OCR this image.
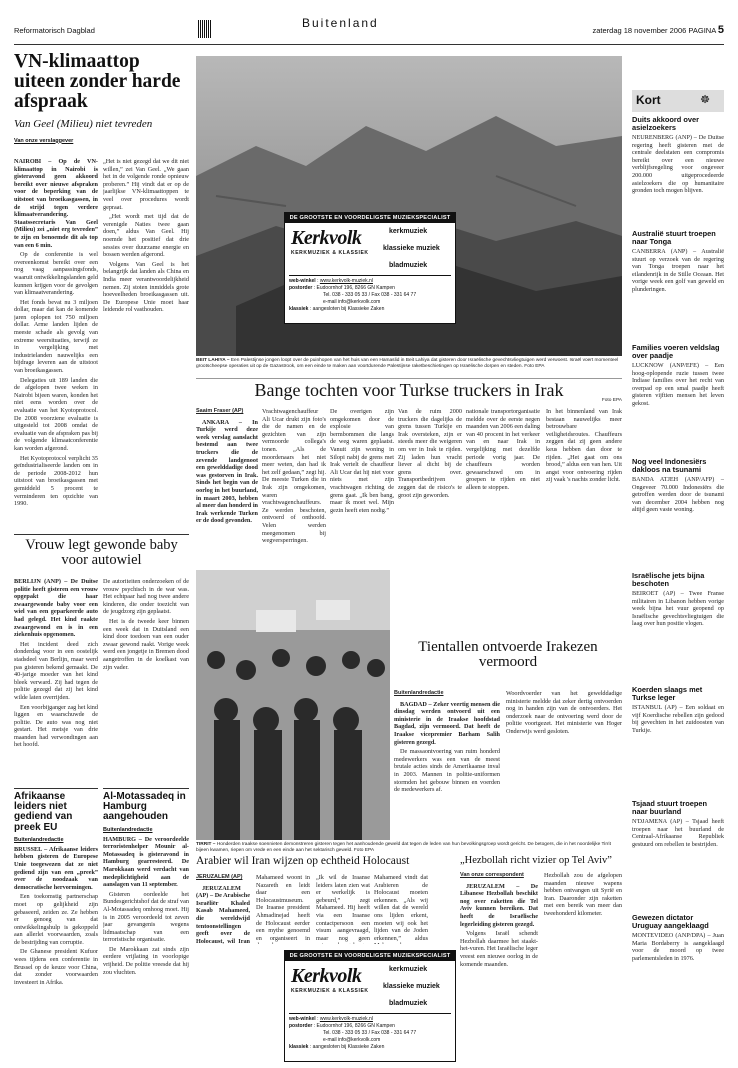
Reformatorisch Dagblad
Buitenland
zaterdag 18 november 2006 PAGINA 5
VN-klimaattop uiteen zonder harde afspraak
Van Geel (Milieu) niet tevreden
Van onze verslaggever

NAIROBI – Op de VN-klimaattop in Nairobi is gisteravond geen akkoord bereikt over nieuwe afspraken voor de beperking van de uitstoot van broeikasgassen, in de strijd tegen verdere klimaatverandering. Staatssecretaris Van Geel (Milieu) zei „niet erg tevreden” te zijn en benoemde dit als top van een 6 min.

Op de conferentie is wel overeenkomst bereikt over een nog vaag aanpassingsfonds, waaruit ontwikkelingslanden geld kunnen krijgen voor de gevolgen van klimaatverandering.

Het fonds bevat nu 3 miljoen dollar, maar dat kan de komende jaren oplopen tot 750 miljoen dollar. Arme landen lijden de meeste schade als gevolg van extreme weersituaties, terwijl ze in vergelijking met industrielanden nauwelijks een bijdrage leveren aan de uitstoot van broeikasgassen.

Delegaties uit 189 landen die de afgelopen twee weken in Nairobi bijeen waren, konden het niet eens worden over de evaluatie van het Kyotoprotocol. De 2008 voorziene evaluatie is uitgesteld tot 2008 omdat de evaluatie van de afspraken pas bij de volgende klimaatconferentie kan worden afgerond.

Het Kyotoprotocol verplicht 35 geïndustrialiseerde landen om in de periode 2008-2012 hun uitstoot van broeikasgassen met gemiddeld 5 procent te verminderen ten opzichte van 1990.

„Het is niet gezegd dat we dit niet willen,” zei Van Geel. „We gaan het in de volgende ronde opnieuw proberen.” Hij vindt dat er op de jaarlijkse VN-klimaattoppen te veel over procedures wordt gepraat.

„Het wordt met tijd dat de verenigde Naties twee gaan doen,” aldus Van Geel. Hij noemde het positief dat drie sessies over duurzame energie en bossen werden afgerond.

Volgens Van Geel is het belangrijk dat landen als China en India meer verantwoordelijkheid nemen. Zij stoten inmiddels grote hoeveelheden broeikasgassen uit. De Europese Unie moet haar leidende rol vasthouden.

DE GROOTSTE EN VOORDELIGSTE MUZIEKSPECIALIST
Kerkvolk
KERKMUZIEK & KLASSIEK
kerkmuziek
klassieke muziek
bladmuziek
web-winkel : www.kerkvolk-muziek.nl
postorder : Eudoornhof 196, 8266 GN Kampen
Tel. 038 - 333 05 33 / Fax 038 - 331 64 77
e-mail info@kerkvolk.com
klassiek : aangesloten bij Klassieke Zaken
BEIT LAHIYA – Een Palestijnse jongen loopt over de puinhopen van het huis van een Hamaslid in Beit Lahiya dat gisteren door Israëlische gevechtsvliegtuigen werd verwoest. Israël voert momenteel grootscheepse operaties uit op de Gazastrook, om een einde te maken aan voortdurende Palestijnse raketbeschietingen op Israëlische dorpen en steden. Foto EPA
Bange tochten voor Turkse truckers in Irak
Foto EPA
Saaim Fraser (AP)

ANKARA – In Turkije werd deze week verslag aanslacht bestemd aan twee truckers die de zevende landgenoot een gewelddadige dood was gestorven in Irak. Sinds het begin van de oorlog in het buurland, in maart 2003, hebben al meer dan honderd in Irak werkende Turken er de dood gevonden.

Vrachtwagenchauffeur Ali Ucar drukt zijn foto's die de namen en de gezichten van zijn vermoorde collega's tonen. „Als de moordenaars het niet meer weten, dan had ik het zelf gedaan,” zegt hij. De meeste Turken die in Irak zijn omgekomen, waren vrachtwagenchauffeurs. Ze werden beschoten, ontvoerd of onthoofd. Velen werden meegenomen bij wegversperringen.

De overigen zijn omgekomen door de explosie van bermbommen die langs de weg waren geplaatst. Vanuit zijn woning in Silopi nabij de grens met Irak vertelt de chauffeur Ali Ucar dat hij niet voor niets met zijn vrachtwagen richting de grens gaat. „Ik ben bang, maar ik moet wel. Mijn gezin heeft eten nodig.”

Van de ruim 2000 truckers die dagelijks de grens tussen Turkije en Irak oversteken, zijn er steeds meer die weigeren om ver in Irak te rijden. Zij laden hun vracht liever al dicht bij de grens over. Transportbedrijven zeggen dat de risico's te groot zijn geworden.

nationale transportorganisatie meldde over de eerste negen maanden van 2006 een daling van 40 procent in het verkeer van en naar Irak in vergelijking met dezelfde periode vorig jaar. De chauffeurs worden gewaarschuwd om in groepen te rijden en niet alleen te stoppen.

In het binnenland van Irak bestaan nauwelijks meer betrouwbare veiligheidsroutes. Chauffeurs zeggen dat zij geen andere keus hebben dan door te rijden. „Het gaat om ons brood,” aldus een van hen. Uit angst voor ontvoering rijden zij vaak 's nachts zonder licht.

Vrouw legt gewonde baby voor autowiel

BERLIJN (ANP) – De Duitse politie heeft gisteren een vrouw opgepakt die haar zwaargewonde baby voor een wiel van een geparkeerde auto had gelegd. Het kind raakte zwaargewond en is in een ziekenhuis opgenomen.

Het incident deed zich donderdag voor in een oostelijk stadsdeel van Berlijn, maar werd pas gisteren bekend gemaakt. De 40-jarige moeder van het kind bleek verward. Zij had tegen de politie gezegd dat zij het kind wilde laten overrijden.

Een voorbijganger zag het kind liggen en waarschuwde de politie. De auto was nog niet gestart. Het meisje van drie maanden had verwondingen aan het hoofd.

De autoriteiten onderzoeken of de vrouw psychisch in de war was. Het echtpaar had nog twee andere kinderen, die onder toezicht van de jeugdzorg zijn geplaatst.

Het is de tweede keer binnen een week dat in Duitsland een kind door toedoen van een ouder zwaar gewond raakt. Vorige week werd een jongetje in Bremen dood aangetroffen in de koelkast van zijn vader.

Afrikaanse leiders niet gediend van preek EU
Buitenlandredactie

BRUSSEL – Afrikaanse leiders hebben gisteren de Europese Unie toegewezen dat ze niet gediend zijn van een „preek” over de noodzaak van democratische hervormingen.

Een toekomstig partnerschap moet op gelijkheid zijn gebaseerd, zeiden ze. Ze hebben er genoeg van dat ontwikkelingshulp is gekoppeld aan allerlei voorwaarden, zoals de bestrijding van corruptie.

De Ghanese president Kufuor wees tijdens een conferentie in Brussel op de keuze voor China, dat zonder voorwaarden investeert in Afrika.

Al-Motassadeq in Hamburg aangehouden
Buitenlandredactie

HAMBURG – De veroordeelde terroristenhelper Mounir al-Motassadeq is gisteravond in Hamburg gearresteerd. De Marokkaan werd verdacht van medeplichtigheid aan de aanslagen van 11 september.

Gisteren oordeelde het Bundesgerichtshof dat de straf van Al-Motassadeq omhoog moet. Hij is in 2005 veroordeeld tot zeven jaar gevangenis wegens lidmaatschap van een terroristische organisatie.

De Marokkaan zat sinds zijn eerdere vrijlating in voorlopige vrijheid. De politie vreesde dat hij zou vluchten.

TIRRIT – Honderden Iraakse soennieten demonstreren gisteren tegen het aanhoudende geweld dat tegen de leden van hun bevolkingsgroep wordt gericht. De betogers, die in het noordelijke Tirrit bijeen kwamen, riepen om vrede en een einde aan het sektarisch geweld. Foto EPA
Tientallen ontvoerde Irakezen vermoord
Buitenlandredactie

BAGDAD – Zeker veertig mensen die dinsdag werden ontvoerd uit een ministerie in de Iraakse hoofdstad Bagdad, zijn vermoord. Dat heeft de Iraakse vicepremier Barham Salih gisteren gezegd.

De massaontvoering van ruim honderd medewerkers was een van de meest brutale acties sinds de Amerikaanse inval in 2003. Mannen in politie-uniformen stormden het gebouw binnen en voerden de medewerkers af.

Woordvoerder van het gewelddadige ministerie meldde dat zeker dertig ontvoerden nog in handen zijn van de ontvoerders. Het onderzoek naar de ontvoering werd door de politie voortgezet. Het ministerie van Hoger Onderwijs werd gesloten.

Arabier wil Iran wijzen op echtheid Holocaust
JERUZALEM (AP)

JERUZALEM (AP) – De Arabische Israëliër Khaled Kasab Mahameed, die wereldwijd tentoonstellingen geeft over de Holocaust, wil Iran

Mahameed woont in Nazareth en leidt daar een Holocaustmuseum. De Iraanse president Ahmadinejad heeft de Holocaust eerder een mythe genoemd en organiseert in

„Ik wil de Iraanse leiders laten zien wat er werkelijk is gebeurd,” zegt Mahameed. Hij heeft via een Iraanse contactpersoon een visum aangevraagd, maar nog geen

Mahameed vindt dat Arabieren de Holocaust moeten erkennen. „Als wij willen dat de wereld ons lijden erkent, moeten wij ook het lijden van de Joden erkennen,” aldus

DE GROOTSTE EN VOORDELIGSTE MUZIEKSPECIALIST
Kerkvolk
KERKMUZIEK & KLASSIEK
kerkmuziek
klassieke muziek
bladmuziek
web-winkel : www.kerkvolk-muziek.nl
postorder : Eudoornhof 196, 8266 GN Kampen
Tel. 038 - 333 05 33 / Fax 038 - 331 64 77
e-mail info@kerkvolk.com
klassiek : aangesloten bij Klassieke Zaken
„Hezbollah richt vizier op Tel Aviv”
Van onze correspondent

JERUZALEM – De Libanese Hezbollah beschikt nog over raketten die Tel Aviv kunnen bereiken. Dat heeft de Israëlische legerleiding gisteren gezegd.

Volgens Israël schendt Hezbollah daarmee het staakt-het-vuren. Het Israëlische leger vreest een nieuwe oorlog in de komende maanden.

Hezbollah zou de afgelopen maanden nieuwe wapens hebben ontvangen uit Syrië en Iran. Daaronder zijn raketten met een bereik van meer dan tweehonderd kilometer.

Kort	☸
Duits akkoord over asielzoekers
NEURENBERG (ANP) – De Duitse regering heeft gisteren met de centrale deelstaten een compromis bereikt over een nieuwe verblijfsregeling voor ongeveer 200.000 uitgeprocedeerde asielzoekers die op humanitaire gronden toch mogen blijven.
Australië stuurt troepen naar Tonga
CANBERRA (ANP) – Australië stuurt op verzoek van de regering van Tonga troepen naar het eilandenrijk in de Stille Oceaan. Het vorige week een golf van geweld en plunderingen.
Families voeren veldslag over paadje
LUCKNOW (ANP/EFE) – Een hoog-oplopende ruzie tussen twee Indiase families over het recht van overpad op een smal paadje heeft gisteren vijftien mensen het leven gekost.
Nog veel Indonesiërs dakloos na tsunami
BANDA ATJEH (ANP/AFP) – Ongeveer 70.000 Indonesiërs die getroffen werden door de tsunami van december 2004 hebben nog altijd geen vaste woning.
Israëlische jets bijna beschoten
BEIROET (AP) – Twee Franse militairen in Libanon hebben vorige week bijna het vuur geopend op Israëlische gevechtsvliegtuigen die laag over hun positie vlogen.
Koerden slaags met Turkse leger
ISTANBUL (AP) – Een soldaat en vijf Koerdische rebellen zijn gedood bij gevechten in het zuidoosten van Turkije.
Tsjaad stuurt troepen naar buurland
N'DJAMENA (AP) – Tsjaad heeft troepen naar het buurland de Centraal-Afrikaanse Republiek gestuurd om rebellen te bestrijden.
Gewezen dictator Uruguay aangeklaagd
MONTEVIDEO (ANP/DPA) – Juan Maria Bordaberry is aangeklaagd voor de moord op twee parlementsleden in 1976.
